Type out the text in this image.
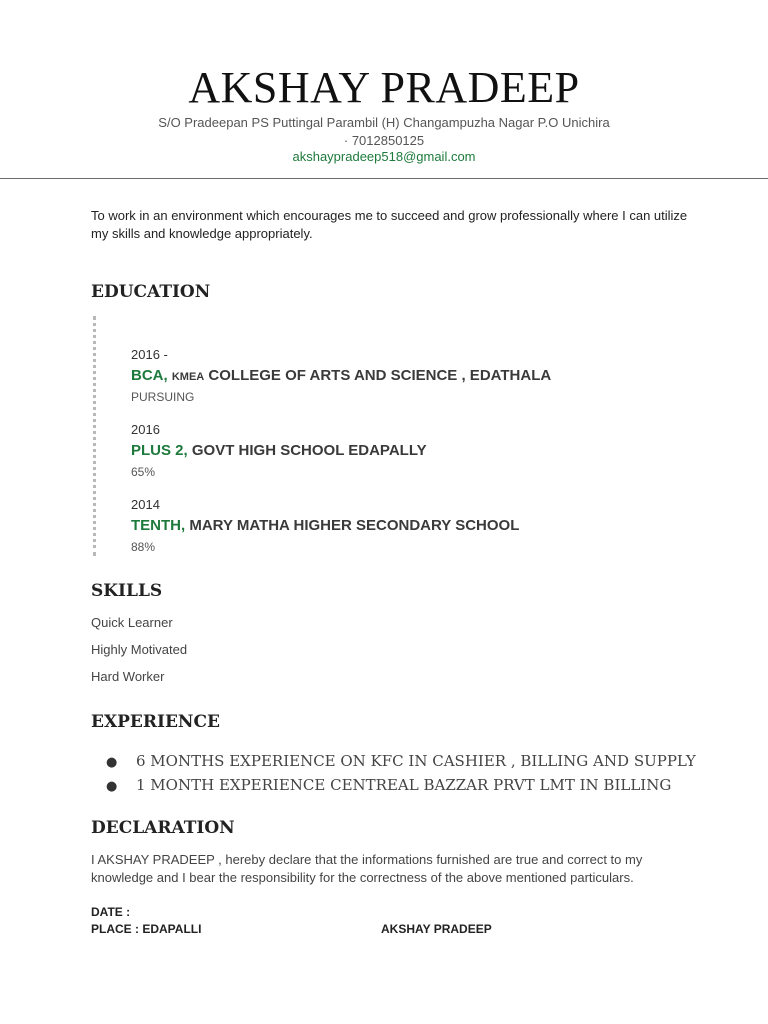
AKSHAY PRADEEP
S/O Pradeepan PS Puttingal Parambil (H) Changampuzha Nagar P.O Unichira
· 7012850125
akshaypradeep518@gmail.com
To work in an environment which encourages me to succeed and grow professionally where I can utilize my skills and knowledge appropriately.
EDUCATION
2016 -
BCA, KMEA COLLEGE OF ARTS AND SCIENCE , EDATHALA
PURSUING
2016
PLUS 2, GOVT HIGH SCHOOL EDAPALLY
65%
2014
TENTH, MARY MATHA HIGHER SECONDARY SCHOOL
88%
SKILLS
Quick Learner
Highly Motivated
Hard Worker
EXPERIENCE
● 6 MONTHS EXPERIENCE ON KFC IN CASHIER , BILLING AND SUPPLY
● 1 MONTH EXPERIENCE CENTREAL BAZZAR PRVT LMT IN BILLING
DECLARATION
I AKSHAY PRADEEP , hereby declare that the informations furnished are true and correct to my knowledge and I bear the responsibility for the correctness of the above mentioned particulars.
DATE :
PLACE : EDAPALLI	AKSHAY PRADEEP
